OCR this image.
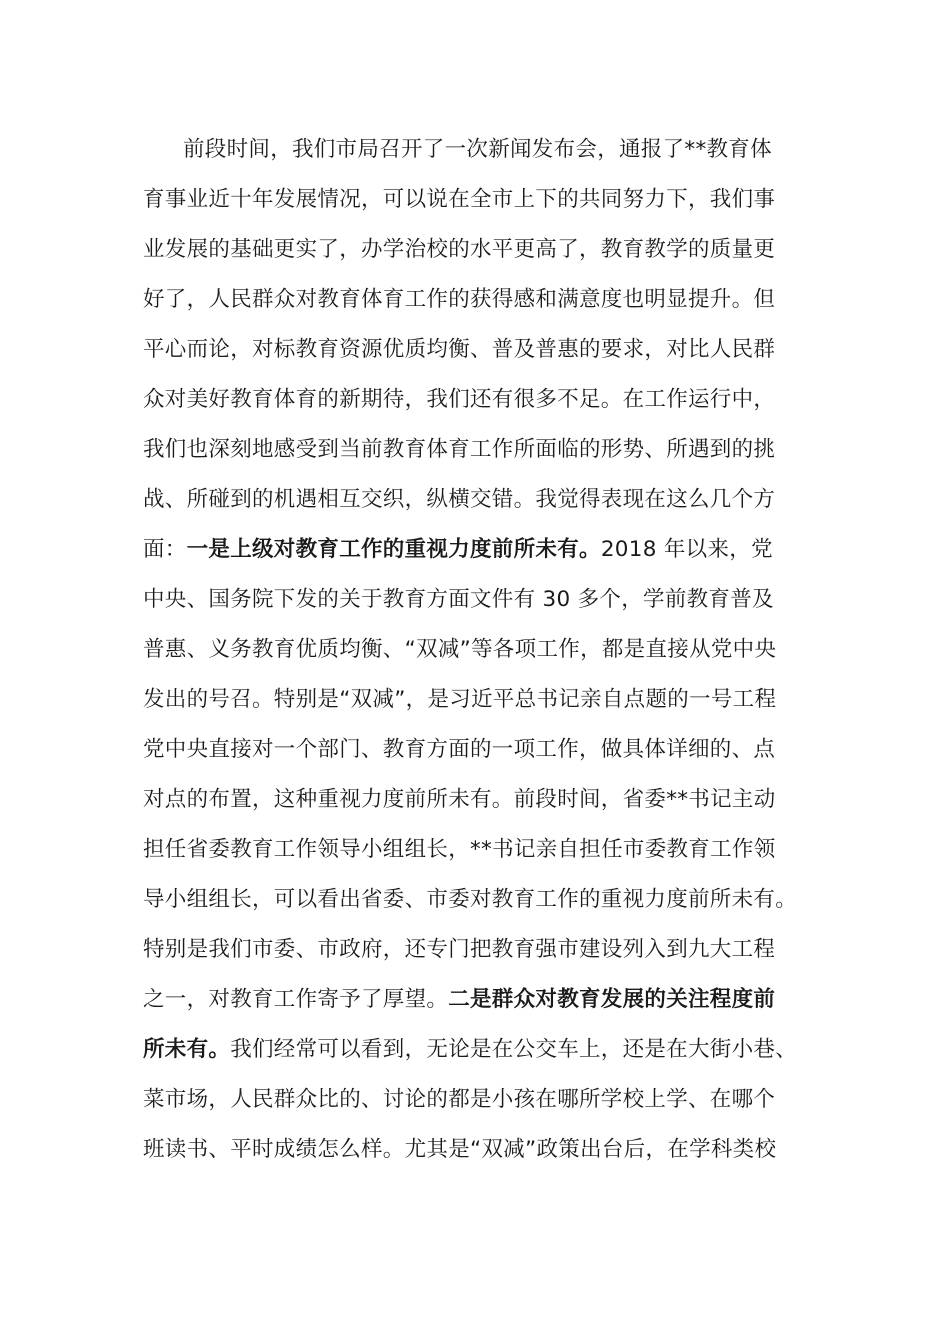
前段时间，我们市局召开了一次新闻发布会，通报了**教育体
育事业近十年发展情况，可以说在全市上下的共同努力下，我们事
业发展的基础更实了，办学治校的水平更高了，教育教学的质量更
好了，人民群众对教育体育工作的获得感和满意度也明显提升。但
平心而论，对标教育资源优质均衡、普及普惠的要求，对比人民群
众对美好教育体育的新期待，我们还有很多不足。在工作运行中，
我们也深刻地感受到当前教育体育工作所面临的形势、所遇到的挑
战、所碰到的机遇相互交织，纵横交错。我觉得表现在这么几个方
面：一是上级对教育工作的重视力度前所未有。2018 年以来，党
中央、国务院下发的关于教育方面文件有 30 多个，学前教育普及
普惠、义务教育优质均衡、“双减”等各项工作，都是直接从党中央
发出的号召。特别是“双减”，是习近平总书记亲自点题的一号工程
党中央直接对一个部门、教育方面的一项工作，做具体详细的、点
对点的布置，这种重视力度前所未有。前段时间，省委**书记主动
担任省委教育工作领导小组组长，**书记亲自担任市委教育工作领
导小组组长，可以看出省委、市委对教育工作的重视力度前所未有。
特别是我们市委、市政府，还专门把教育强市建设列入到九大工程
之一，对教育工作寄予了厚望。二是群众对教育发展的关注程度前
所未有。我们经常可以看到，无论是在公交车上，还是在大街小巷、
菜市场，人民群众比的、讨论的都是小孩在哪所学校上学、在哪个
班读书、平时成绩怎么样。尤其是“双减”政策出台后，在学科类校
